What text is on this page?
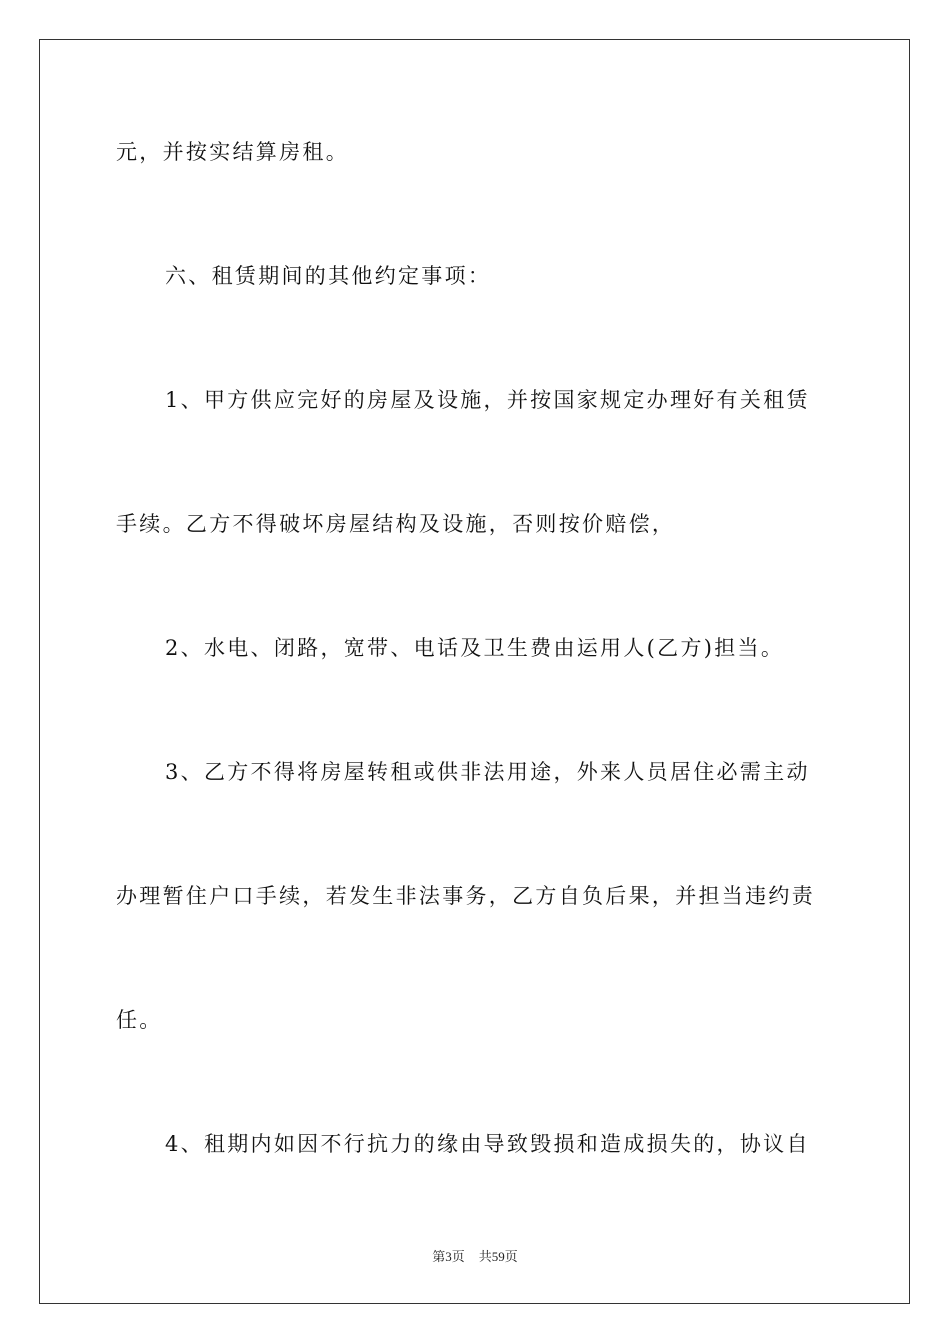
元，并按实结算房租。
六、租赁期间的其他约定事项：
1、甲方供应完好的房屋及设施，并按国家规定办理好有关租赁
手续。乙方不得破坏房屋结构及设施，否则按价赔偿，
2、水电、闭路，宽带、电话及卫生费由运用人(乙方)担当。
3、乙方不得将房屋转租或供非法用途，外来人员居住必需主动
办理暂住户口手续，若发生非法事务，乙方自负后果，并担当违约责
任。
4、租期内如因不行抗力的缘由导致毁损和造成损失的，协议自
第3页 共59页
